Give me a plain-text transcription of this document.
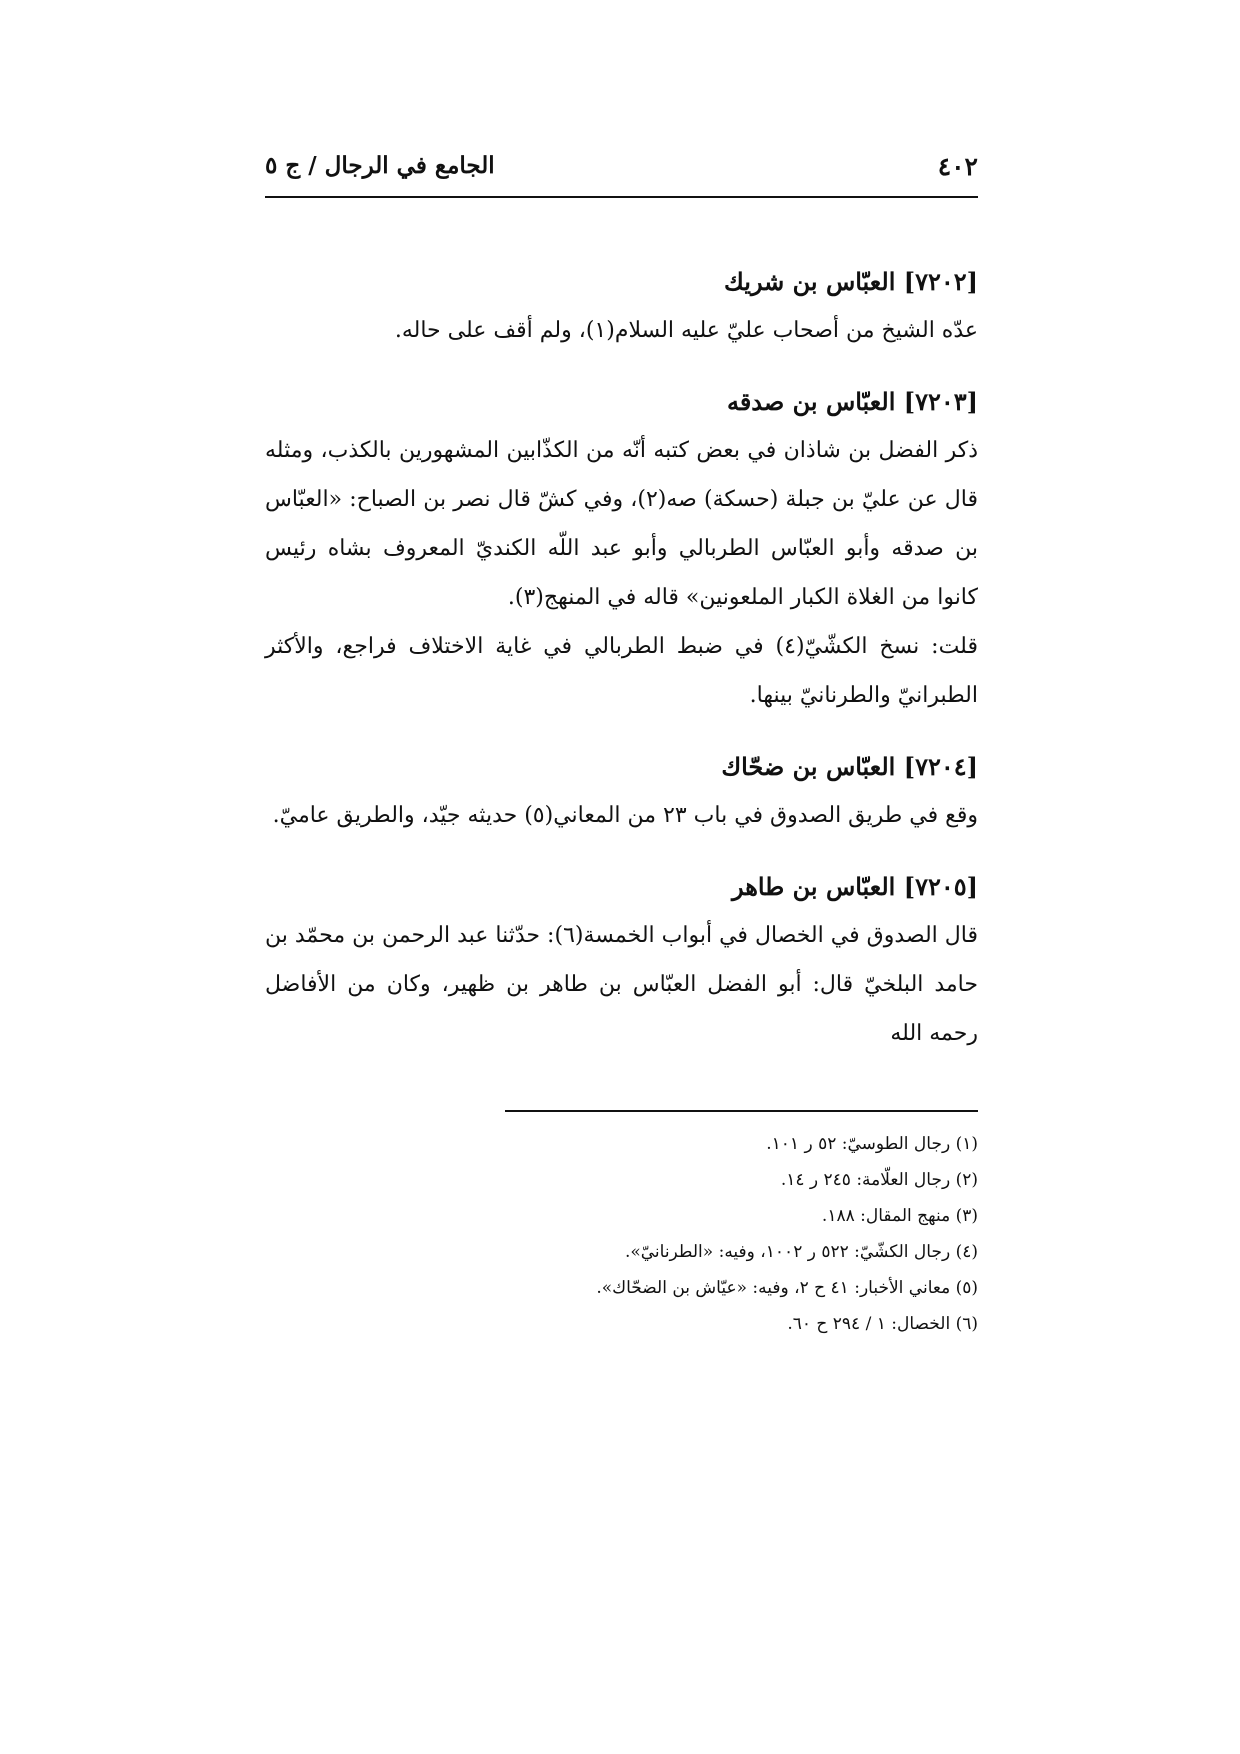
٤٠٢
الجامع في الرجال / ج ٥
[٧٢٠٢] العبّاس بن شريك

عدّه الشيخ من أصحاب عليّ عليه السلام(١)، ولم أقف على حاله.

[٧٢٠٣] العبّاس بن صدقه

ذكر الفضل بن شاذان في بعض كتبه أنّه من الكذّابين المشهورين بالكذب، ومثله قال عن عليّ بن جبلة (حسكة) صه(٢)، وفي كشّ قال نصر بن الصباح: «العبّاس بن صدقه وأبو العبّاس الطربالي وأبو عبد اللّه الكنديّ المعروف بشاه رئيس كانوا من الغلاة الكبار الملعونين» قاله في المنهج(٣).

قلت: نسخ الكشّيّ(٤) في ضبط الطربالي في غاية الاختلاف فراجع، والأكثر الطبرانيّ والطرنانيّ بينها.

[٧٢٠٤] العبّاس بن ضحّاك

وقع في طريق الصدوق في باب ٢٣ من المعاني(٥) حديثه جيّد، والطريق عاميّ.

[٧٢٠٥] العبّاس بن طاهر

قال الصدوق في الخصال في أبواب الخمسة(٦): حدّثنا عبد الرحمن بن محمّد بن حامد البلخيّ قال: أبو الفضل العبّاس بن طاهر بن ظهير، وكان من الأفاضل رحمه الله

(١) رجال الطوسيّ: ٥٢ ر ١٠١.

(٢) رجال العلّامة: ٢٤٥ ر ١٤.

(٣) منهج المقال: ١٨٨.

(٤) رجال الكشّيّ: ٥٢٢ ر ١٠٠٢، وفيه: «الطرنانيّ».

(٥) معاني الأخبار: ٤١ ح ٢، وفيه: «عيّاش بن الضحّاك».

(٦) الخصال: ١ / ٢٩٤ ح ٦٠.
